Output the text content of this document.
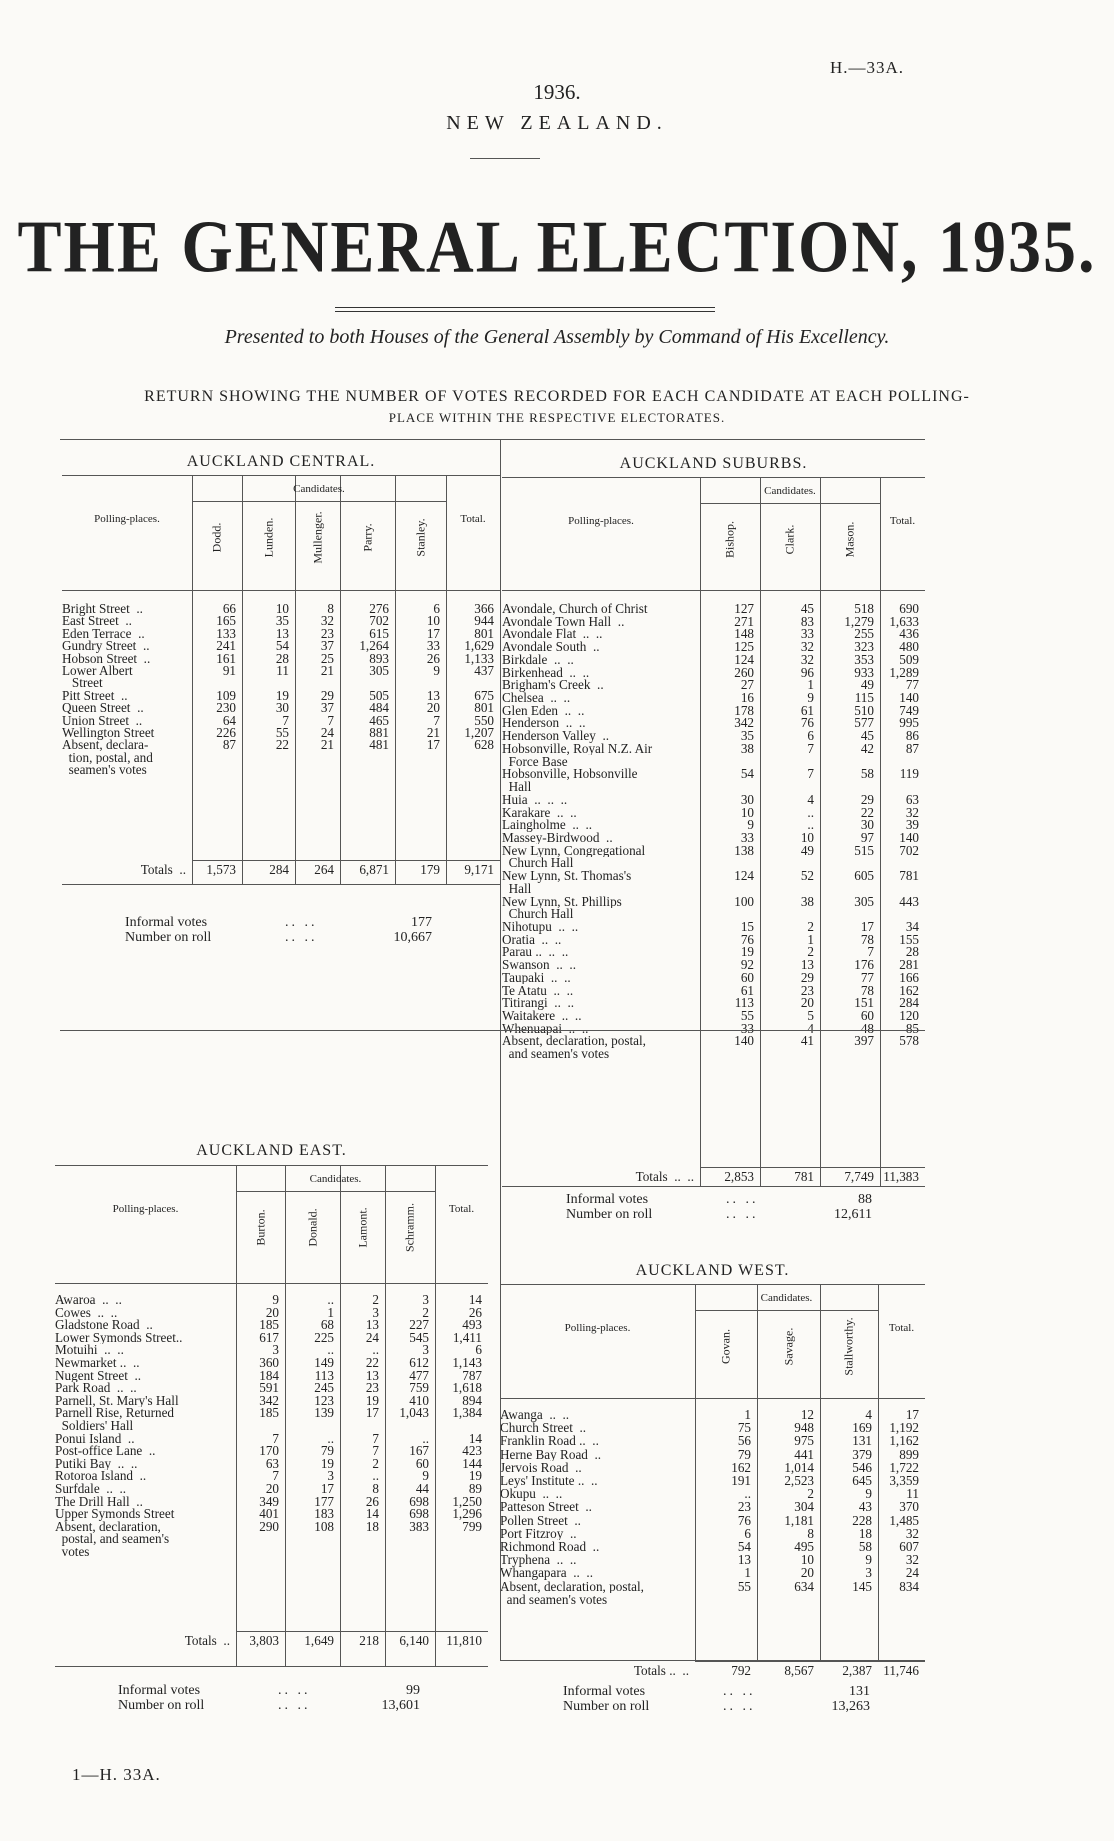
H.—33A.
1936.
NEW ZEALAND.
THE GENERAL ELECTION, 1935.
Presented to both Houses of the General Assembly by Command of His Excellency.
RETURN SHOWING THE NUMBER OF VOTES RECORDED FOR EACH CANDIDATE AT EACH POLLING-
PLACE WITHIN THE RESPECTIVE ELECTORATES.
AUCKLAND CENTRAL.
Candidates.
Polling-places.	Total.
Dodd.	Lunden.	Mullenger.	Parry.	Stanley.
Bright Street  ..	66	10	8	276	6	366
East Street  ..	165	35	32	702	10	944
Eden Terrace  ..	133	13	23	615	17	801
Gundry Street  ..	241	54	37	1,264	33	1,629
Hobson Street  ..	161	28	25	893	26	1,133
Lower Albert	91	11	21	305	9	437
Street
Pitt Street  ..	109	19	29	505	13	675
Queen Street  ..	230	30	37	484	20	801
Union Street  ..	64	7	7	465	7	550
Wellington Street	226	55	24	881	21	1,207
Absent, declara-	87	22	21	481	17	628
tion, postal, and
seamen's votes
Totals  ..	1,573	284	264	6,871	179	9,171
Informal votes	.. ..	177
Number on roll	.. ..	10,667
AUCKLAND SUBURBS.
Candidates.
Polling-places.	Total.
Bishop.	Clark.	Mason.
Avondale, Church of Christ	127	45	518	690
Avondale Town Hall  ..	271	83	1,279	1,633
Avondale Flat  ..  ..	148	33	255	436
Avondale South  ..	125	32	323	480
Birkdale  ..  ..	124	32	353	509
Birkenhead  ..  ..	260	96	933	1,289
Brigham's Creek  ..	27	1	49	77
Chelsea  ..  ..	16	9	115	140
Glen Eden  ..  ..	178	61	510	749
Henderson  ..  ..	342	76	577	995
Henderson Valley  ..	35	6	45	86
Hobsonville, Royal N.Z. Air	38	7	42	87
Force Base
Hobsonville, Hobsonville	54	7	58	119
Hall
Huia  ..  ..  ..	30	4	29	63
Karakare  ..  ..	10	..	22	32
Laingholme  ..  ..	9	..	30	39
Massey-Birdwood  ..	33	10	97	140
New Lynn, Congregational	138	49	515	702
Church Hall
New Lynn, St. Thomas's	124	52	605	781
Hall
New Lynn, St. Phillips	100	38	305	443
Church Hall
Nihotupu  ..  ..	15	2	17	34
Oratia  ..  ..	76	1	78	155
Parau ..  ..  ..	19	2	7	28
Swanson  ..  ..	92	13	176	281
Taupaki  ..  ..	60	29	77	166
Te Atatu  ..  ..	61	23	78	162
Titirangi  ..  ..	113	20	151	284
Waitakere  ..  ..	55	5	60	120
Whenuapai  ..  ..	33	4	48	85
Absent, declaration, postal,	140	41	397	578
and seamen's votes
Totals  ..  ..	2,853	781	7,749 11,383
Informal votes	.. ..	88
Number on roll	.. ..	12,611
AUCKLAND EAST.
Candidates.
Polling-places.	Total.
Burton.	Donald.	Lamont.	Schramm.
Awaroa  ..  ..	9	..	2	3	14
Cowes  ..  ..	20	1	3	2	26
Gladstone Road  ..	185	68	13	227	493
Lower Symonds Street..	617	225	24	545	1,411
Motuihi  ..  ..	3	..	..	3	6
Newmarket ..  ..	360	149	22	612	1,143
Nugent Street  ..	184	113	13	477	787
Park Road  ..  ..	591	245	23	759	1,618
Parnell, St. Mary's Hall	342	123	19	410	894
Parnell Rise, Returned	185	139	17	1,043	1,384
Soldiers' Hall
Ponui Island  ..	7	..	7	..	14
Post-office Lane  ..	170	79	7	167	423
Putiki Bay  ..  ..	63	19	2	60	144
Rotoroa Island  ..	7	3	..	9	19
Surfdale  ..  ..	20	17	8	44	89
The Drill Hall  ..	349	177	26	698	1,250
Upper Symonds Street	401	183	14	698	1,296
Absent, declaration,	290	108	18	383	799
postal, and seamen's
votes
Totals  ..	3,803	1,649	218	6,140	11,810
Informal votes	.. ..	99
Number on roll	.. ..	13,601
AUCKLAND WEST.
Candidates.
Polling-places.	Total.
Govan.	Savage.	Stallworthy.
Awanga  ..  ..	1	12	4	17
Church Street  ..	75	948	169	1,192
Franklin Road ..  ..	56	975	131	1,162
Herne Bay Road  ..	79	441	379	899
Jervois Road  ..	162	1,014	546	1,722
Leys' Institute ..  ..	191	2,523	645	3,359
Okupu  ..  ..	..	2	9	11
Patteson Street  ..	23	304	43	370
Pollen Street  ..	76	1,181	228	1,485
Port Fitzroy  ..	6	8	18	32
Richmond Road  ..	54	495	58	607
Tryphena  ..  ..	13	10	9	32
Whangapara  ..  ..	1	20	3	24
Absent, declaration, postal,	55	634	145	834
and seamen's votes
Totals ..  ..	792	8,567	2,387 11,746
Informal votes	.. ..	131
Number on roll	.. ..	13,263
1—H. 33A.
